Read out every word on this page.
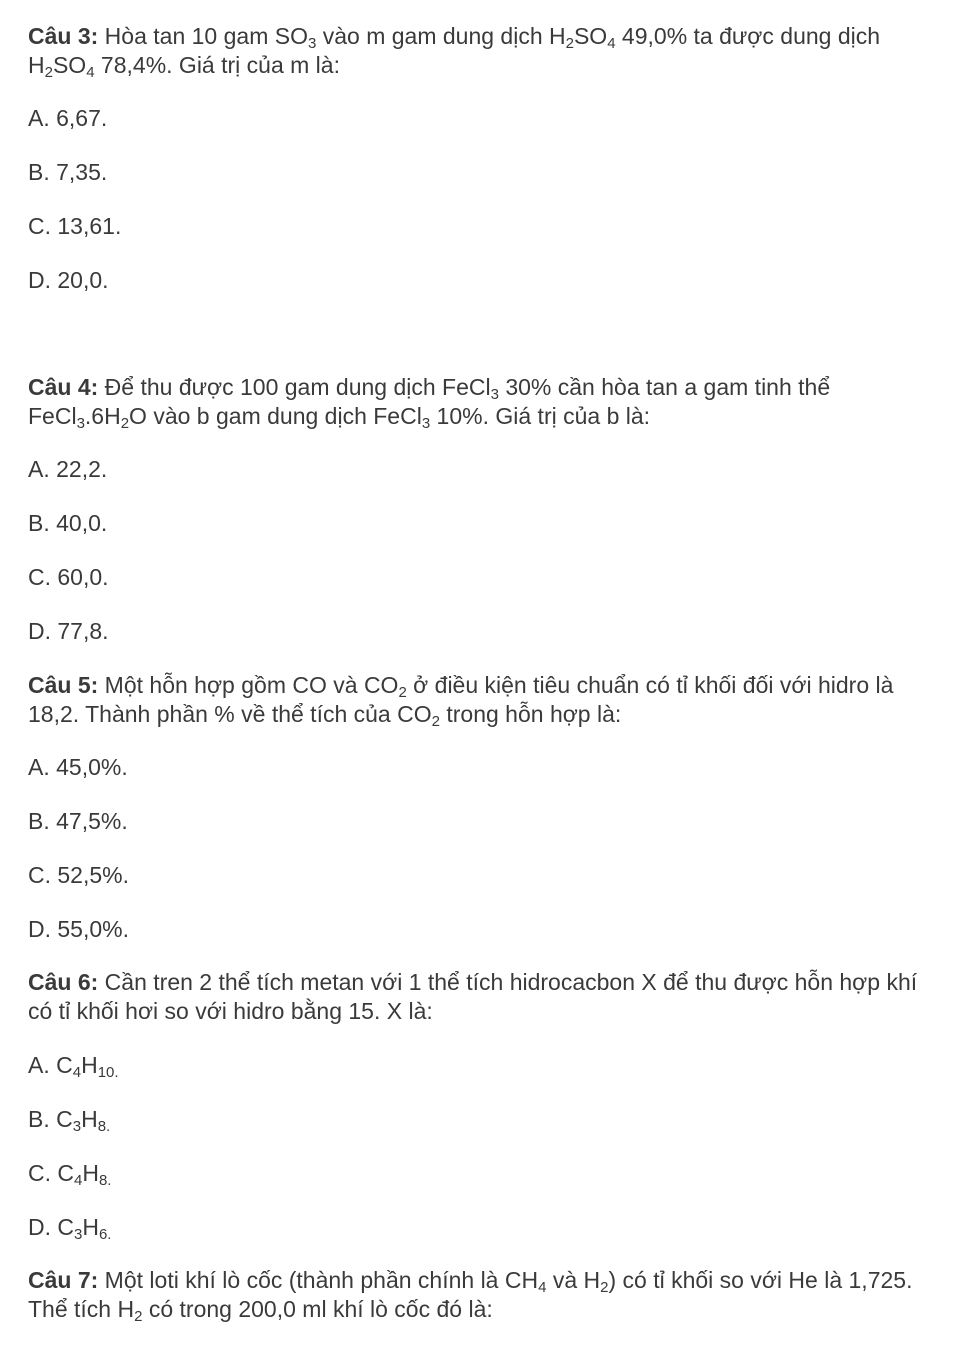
Câu 3: Hòa tan 10 gam $SO_3$ vào m gam dung dịch $H_2SO_4$ 49,0% ta được dung dịch $H_2SO_4$ 78,4%. Giá trị của m là:
A. 6,67.
B. 7,35.
C. 13,61.
D. 20,0.
Câu 4: Để thu được 100 gam dung dịch FeCl$_3$ 30% cần hòa tan a gam tinh thể $FeCl_3.6H_2O$ vào b gam dung dịch FeCl$_3$ 10%. Giá trị của b là:
A. 22,2.
B. 40,0.
C. 60,0.
D. 77,8.
Câu 5: Một hỗn hợp gồm CO và $CO_2$ ở điều kiện tiêu chuẩn có tỉ khối đối với hidro là 18,2. Thành phần % về thể tích của $CO_2$ trong hỗn hợp là:
A. 45,0%.
B. 47,5%.
C. 52,5%.
D. 55,0%.
Câu 6: Cần tren 2 thể tích metan với 1 thể tích hidrocacbon X để thu được hỗn hợp khí có tỉ khối hơi so với hidro bằng 15. X là:
A. $C_4H_{10.}$
B. $C_3H_{8.}$
C. $C_4H_{8.}$
D. $C_3H_{6.}$
Câu 7: Một loti khí lò cốc (thành phần chính là $CH_4$ và $H_2$) có tỉ khối so với He là 1,725. Thể tích $H_2$ có trong 200,0 ml khí lò cốc đó là:
